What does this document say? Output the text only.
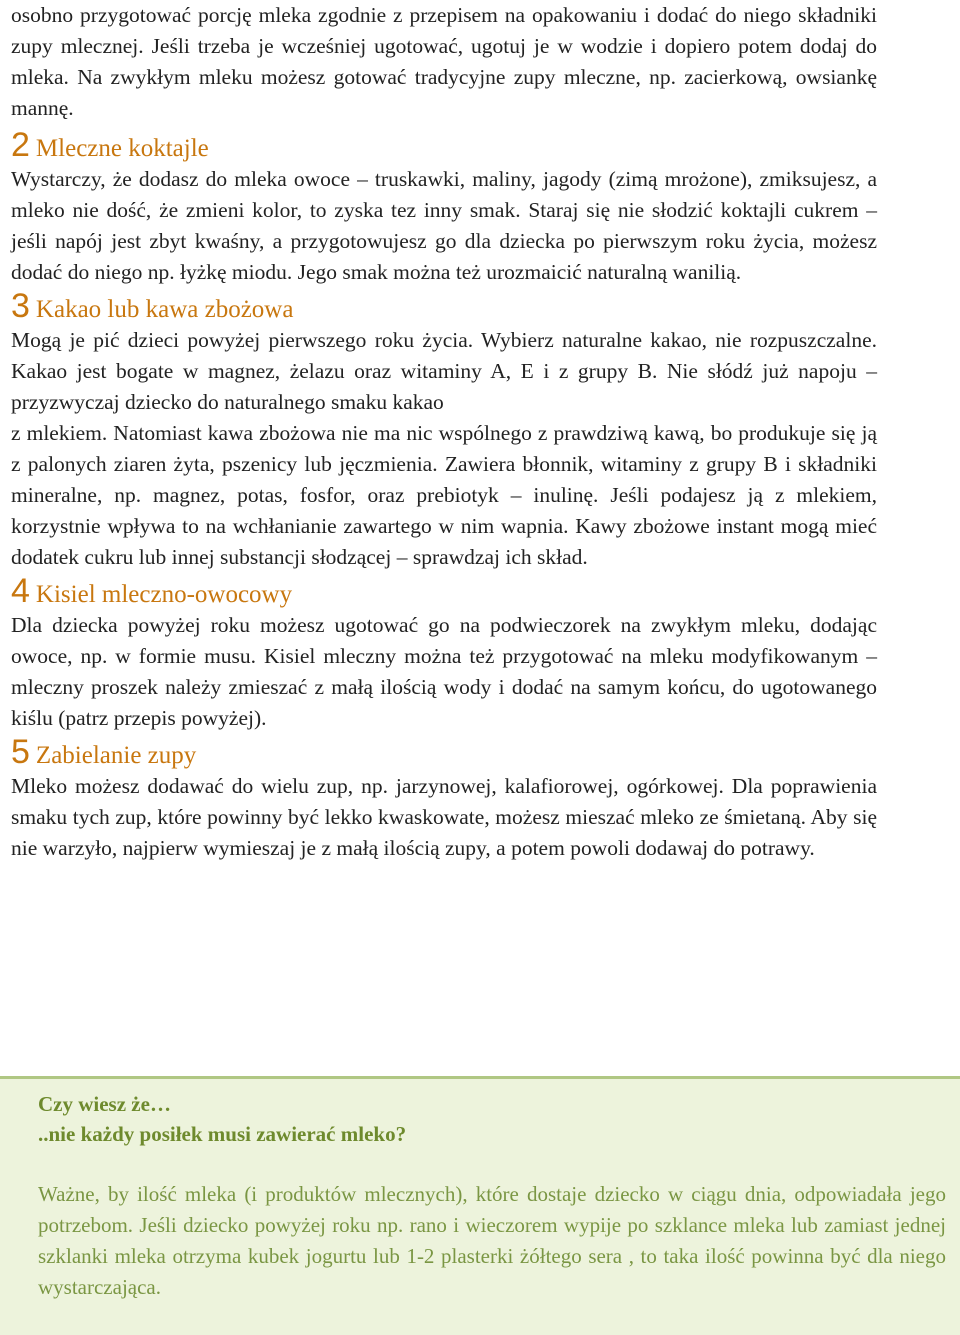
osobno przygotować porcję mleka zgodnie z przepisem na opakowaniu i dodać do niego składniki zupy mlecznej. Jeśli trzeba je wcześniej ugotować, ugotuj je w wodzie i dopiero potem dodaj do mleka. Na zwykłym mleku możesz gotować tradycyjne zupy mleczne, np. zacierkową, owsiankę mannę.

2 Mleczne koktajle

Wystarczy, że dodasz do mleka owoce – truskawki, maliny, jagody (zimą mrożone), zmiksujesz, a mleko nie dość, że zmieni kolor, to zyska tez inny smak. Staraj się nie słodzić koktajli cukrem – jeśli napój jest zbyt kwaśny, a przygotowujesz go dla dziecka po pierwszym roku życia, możesz dodać do niego np. łyżkę miodu. Jego smak można też urozmaicić naturalną wanilią.

3 Kakao lub kawa zbożowa

Mogą je pić dzieci powyżej pierwszego roku życia. Wybierz naturalne kakao, nie rozpuszczalne. Kakao jest bogate w magnez, żelazu oraz witaminy A, E i z grupy B. Nie słódź już napoju – przyzwyczaj dziecko do naturalnego smaku kakao

z mlekiem. Natomiast kawa zbożowa nie ma nic wspólnego z prawdziwą kawą, bo produkuje się ją z palonych ziaren żyta, pszenicy lub jęczmienia. Zawiera błonnik, witaminy z grupy B i składniki mineralne, np. magnez, potas, fosfor, oraz prebiotyk – inulinę. Jeśli podajesz ją z mlekiem, korzystnie wpływa to na wchłanianie zawartego w nim wapnia. Kawy zbożowe instant mogą mieć dodatek cukru lub innej substancji słodzącej – sprawdzaj ich skład.

4 Kisiel mleczno-owocowy

Dla dziecka powyżej roku możesz ugotować go na podwieczorek na zwykłym mleku, dodając owoce, np. w formie musu. Kisiel mleczny można też przygotować na mleku modyfikowanym – mleczny proszek należy zmieszać z małą ilością wody i dodać na samym końcu, do ugotowanego kiślu (patrz przepis powyżej).

5 Zabielanie zupy

Mleko możesz dodawać do wielu zup, np. jarzynowej, kalafiorowej, ogórkowej. Dla poprawienia smaku tych zup, które powinny być lekko kwaskowate, możesz mieszać mleko ze śmietaną. Aby się nie warzyło, najpierw wymieszaj je z małą ilością zupy, a potem powoli dodawaj do potrawy.

Czy wiesz że…

..nie każdy posiłek musi zawierać mleko?

Ważne, by ilość mleka (i produktów mlecznych), które dostaje dziecko w ciągu dnia, odpowiadała jego potrzebom. Jeśli dziecko powyżej roku np. rano i wieczorem wypije po szklance mleka lub zamiast jednej szklanki mleka otrzyma kubek jogurtu lub 1-2 plasterki żółtego sera , to taka ilość powinna być dla niego wystarczająca.
